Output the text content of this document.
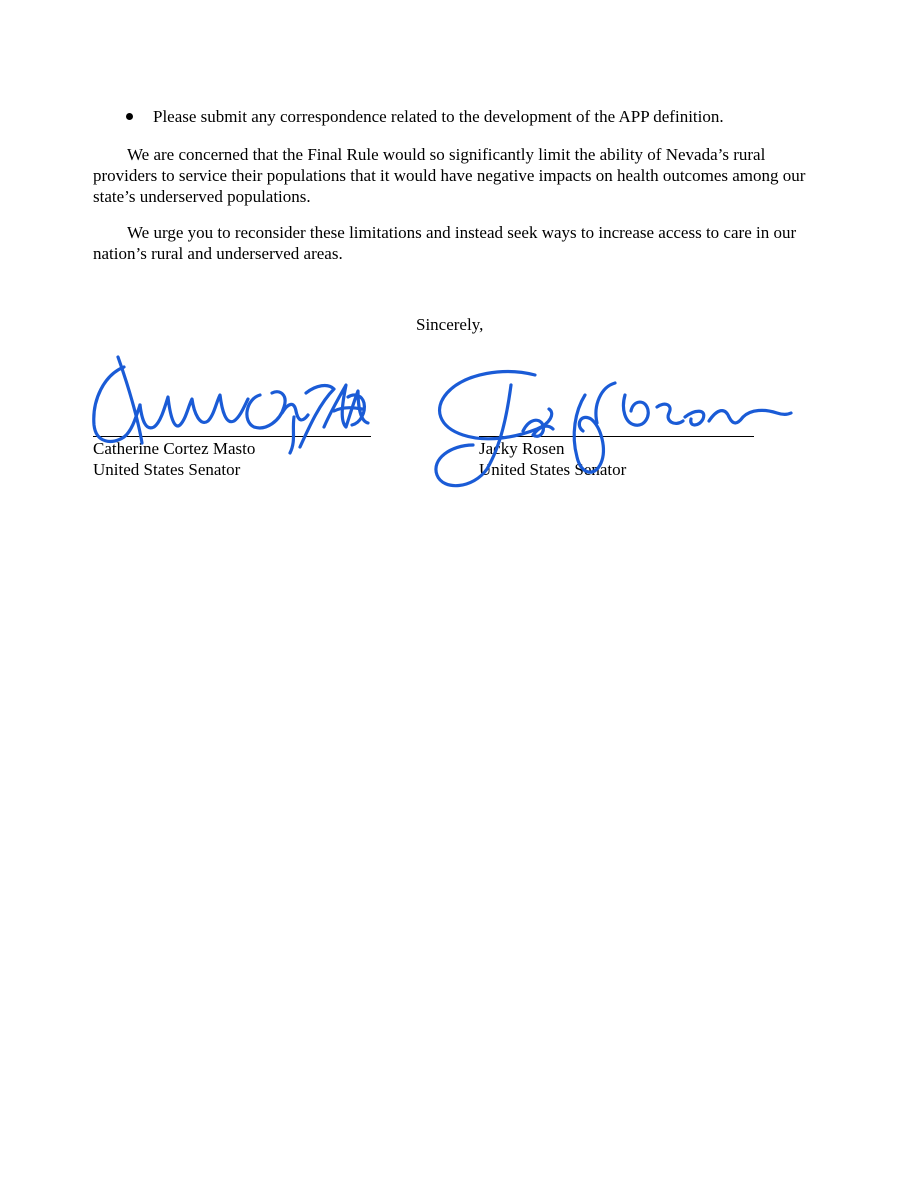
Please submit any correspondence related to the development of the APP definition.
We are concerned that the Final Rule would so significantly limit the ability of Nevada’s rural providers to service their populations that it would have negative impacts on health outcomes among our state’s underserved populations.
We urge you to reconsider these limitations and instead seek ways to increase access to care in our nation’s rural and underserved areas.
Sincerely,
Catherine Cortez Masto
United States Senator
Jacky Rosen
United States Senator
